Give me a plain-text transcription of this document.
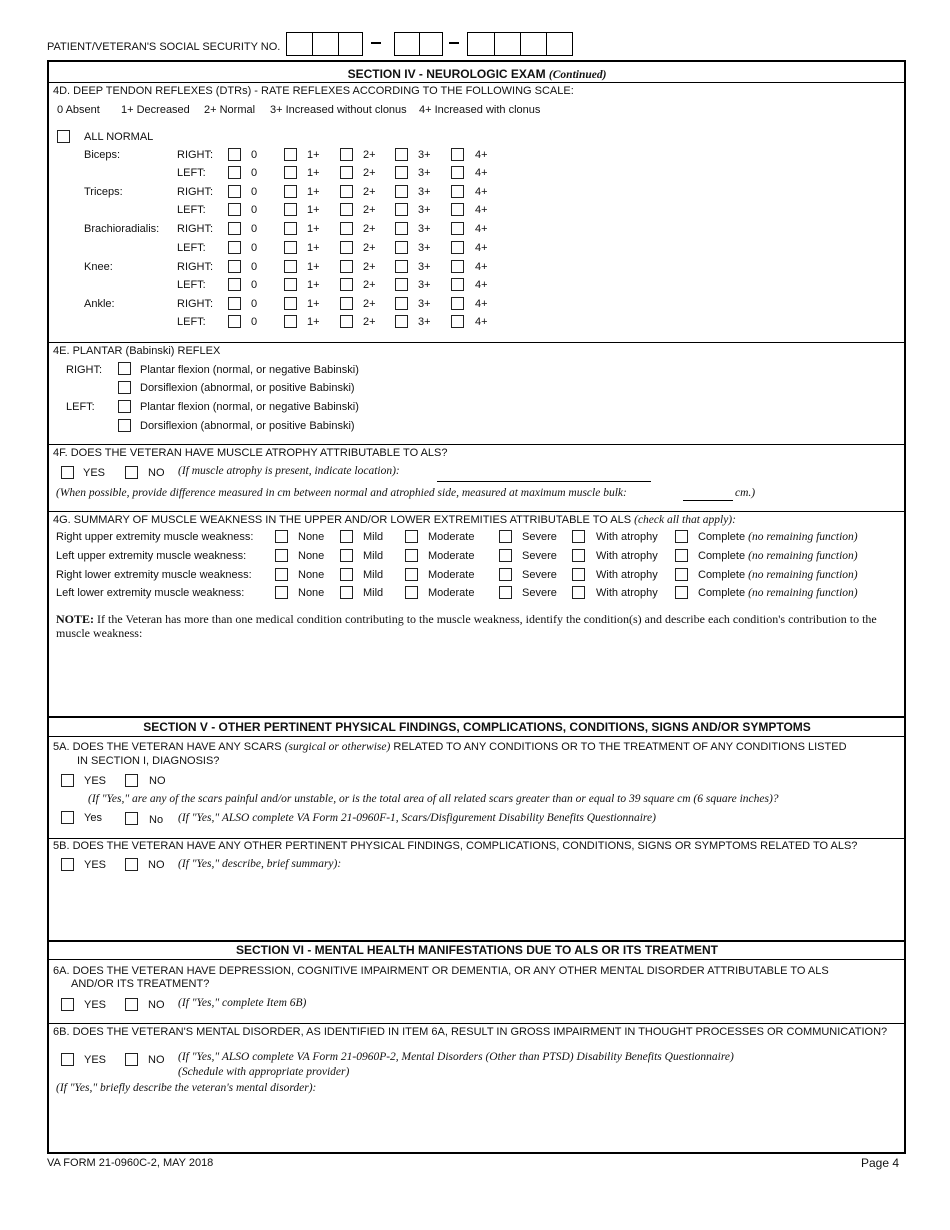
PATIENT/VETERAN'S SOCIAL SECURITY NO.
SECTION IV - NEUROLOGIC EXAM (Continued)
4D. DEEP TENDON REFLEXES (DTRs) - RATE REFLEXES ACCORDING TO THE FOLLOWING SCALE:
0 Absent 1+ Decreased 2+ Normal 3+ Increased without clonus 4+ Increased with clonus
ALL NORMAL
Biceps:	RIGHT:	0	1+	2+	3+	4+
LEFT:	0	1+	2+	3+	4+
Triceps:	RIGHT:	0	1+	2+	3+	4+
LEFT:	0	1+	2+	3+	4+
Brachioradialis: RIGHT:	0	1+	2+	3+	4+
LEFT:	0	1+	2+	3+	4+
Knee:	RIGHT:	0	1+	2+	3+	4+
LEFT:	0	1+	2+	3+	4+
Ankle:	RIGHT:	0	1+	2+	3+	4+
LEFT:	0	1+	2+	3+	4+
4E. PLANTAR (Babinski) REFLEX
RIGHT:	Plantar flexion (normal, or negative Babinski)
Dorsiflexion (abnormal, or positive Babinski)
LEFT:	Plantar flexion (normal, or negative Babinski)
Dorsiflexion (abnormal, or positive Babinski)
4F. DOES THE VETERAN HAVE MUSCLE ATROPHY ATTRIBUTABLE TO ALS?
YES	NO (If muscle atrophy is present, indicate location):
(When possible, provide difference measured in cm between normal and atrophied side, measured at maximum muscle bulk:	cm.)
4G. SUMMARY OF MUSCLE WEAKNESS IN THE UPPER AND/OR LOWER EXTREMITIES ATTRIBUTABLE TO ALS (check all that apply):
Right upper extremity muscle weakness:	None	Mild	Moderate	Severe	With atrophy	Complete (no remaining function)
Left upper extremity muscle weakness:	None	Mild	Moderate	Severe	With atrophy	Complete (no remaining function)
Right lower extremity muscle weakness:	None	Mild	Moderate	Severe	With atrophy	Complete (no remaining function)
Left lower extremity muscle weakness:	None	Mild	Moderate	Severe	With atrophy	Complete (no remaining function)
NOTE: If the Veteran has more than one medical condition contributing to the muscle weakness, identify the condition(s) and describe each condition's contribution to the muscle weakness:
SECTION V - OTHER PERTINENT PHYSICAL FINDINGS, COMPLICATIONS, CONDITIONS, SIGNS AND/OR SYMPTOMS
5A. DOES THE VETERAN HAVE ANY SCARS (surgical or otherwise) RELATED TO ANY CONDITIONS OR TO THE TREATMENT OF ANY CONDITIONS LISTED
IN SECTION I, DIAGNOSIS?
YES	NO
(If "Yes," are any of the scars painful and/or unstable, or is the total area of all related scars greater than or equal to 39 square cm (6 square inches)?
Yes	No (If "Yes," ALSO complete VA Form 21-0960F-1, Scars/Disfigurement Disability Benefits Questionnaire)
5B. DOES THE VETERAN HAVE ANY OTHER PERTINENT PHYSICAL FINDINGS, COMPLICATIONS, CONDITIONS, SIGNS OR SYMPTOMS RELATED TO ALS?
YES	NO (If "Yes," describe, brief summary):
SECTION VI - MENTAL HEALTH MANIFESTATIONS DUE TO ALS OR ITS TREATMENT
6A. DOES THE VETERAN HAVE DEPRESSION, COGNITIVE IMPAIRMENT OR DEMENTIA, OR ANY OTHER MENTAL DISORDER ATTRIBUTABLE TO ALS
AND/OR ITS TREATMENT?
YES	NO (If "Yes," complete Item 6B)
6B. DOES THE VETERAN'S MENTAL DISORDER, AS IDENTIFIED IN ITEM 6A, RESULT IN GROSS IMPAIRMENT IN THOUGHT PROCESSES OR COMMUNICATION?
YES	NO (If "Yes," ALSO complete VA Form 21-0960P-2, Mental Disorders (Other than PTSD) Disability Benefits Questionnaire)
(Schedule with appropriate provider)
(If "Yes," briefly describe the veteran's mental disorder):
VA FORM 21-0960C-2, MAY 2018	Page 4
